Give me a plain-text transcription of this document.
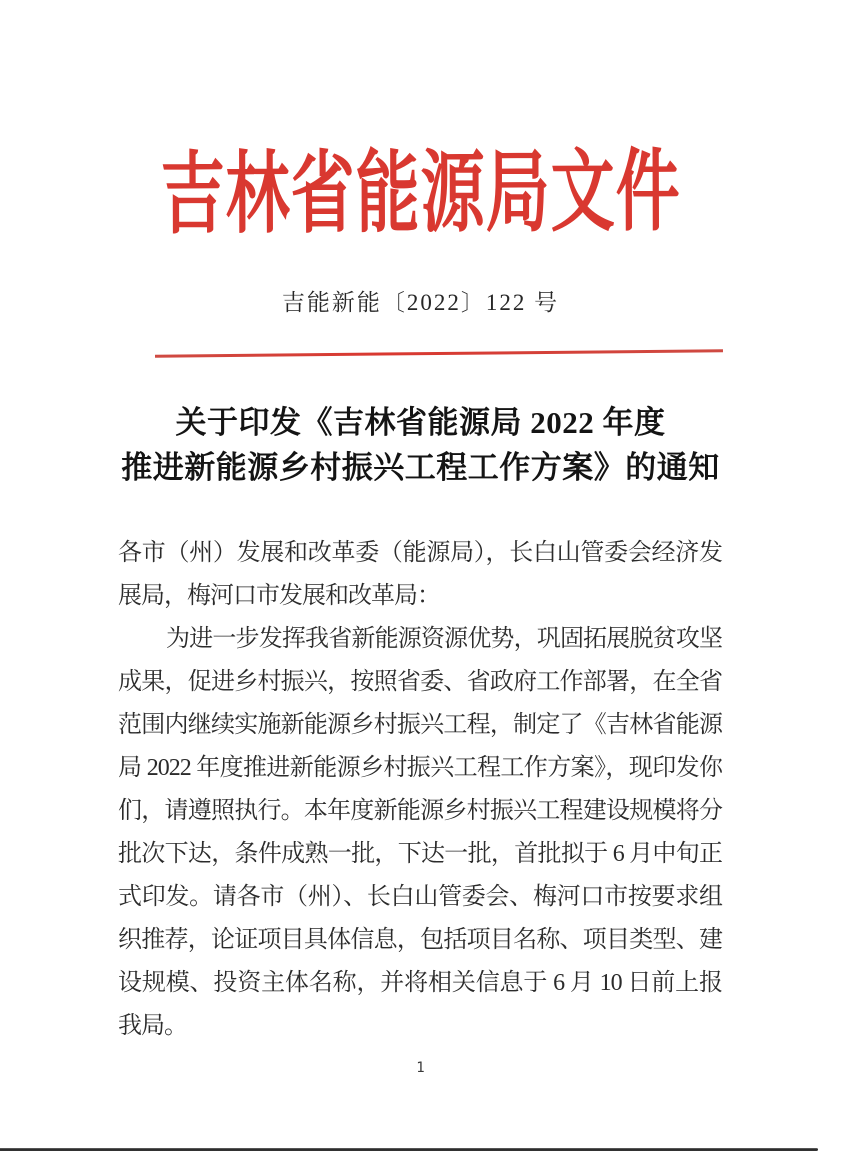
吉林省能源局文件
吉能新能〔2022〕122 号
关于印发《吉林省能源局 2022 年度
推进新能源乡村振兴工程工作方案》的通知

各市（州）发展和改革委（能源局），长白山管委会经济发展局，梅河口市发展和改革局：

为进一步发挥我省新能源资源优势，巩固拓展脱贫攻坚成果，促进乡村振兴，按照省委、省政府工作部署，在全省范围内继续实施新能源乡村振兴工程，制定了《吉林省能源局 2022 年度推进新能源乡村振兴工程工作方案》，现印发你们，请遵照执行。本年度新能源乡村振兴工程建设规模将分批次下达，条件成熟一批，下达一批，首批拟于 6 月中旬正式印发。请各市（州）、长白山管委会、梅河口市按要求组织推荐，论证项目具体信息，包括项目名称、项目类型、建设规模、投资主体名称，并将相关信息于 6 月 10 日前上报我局。

1
